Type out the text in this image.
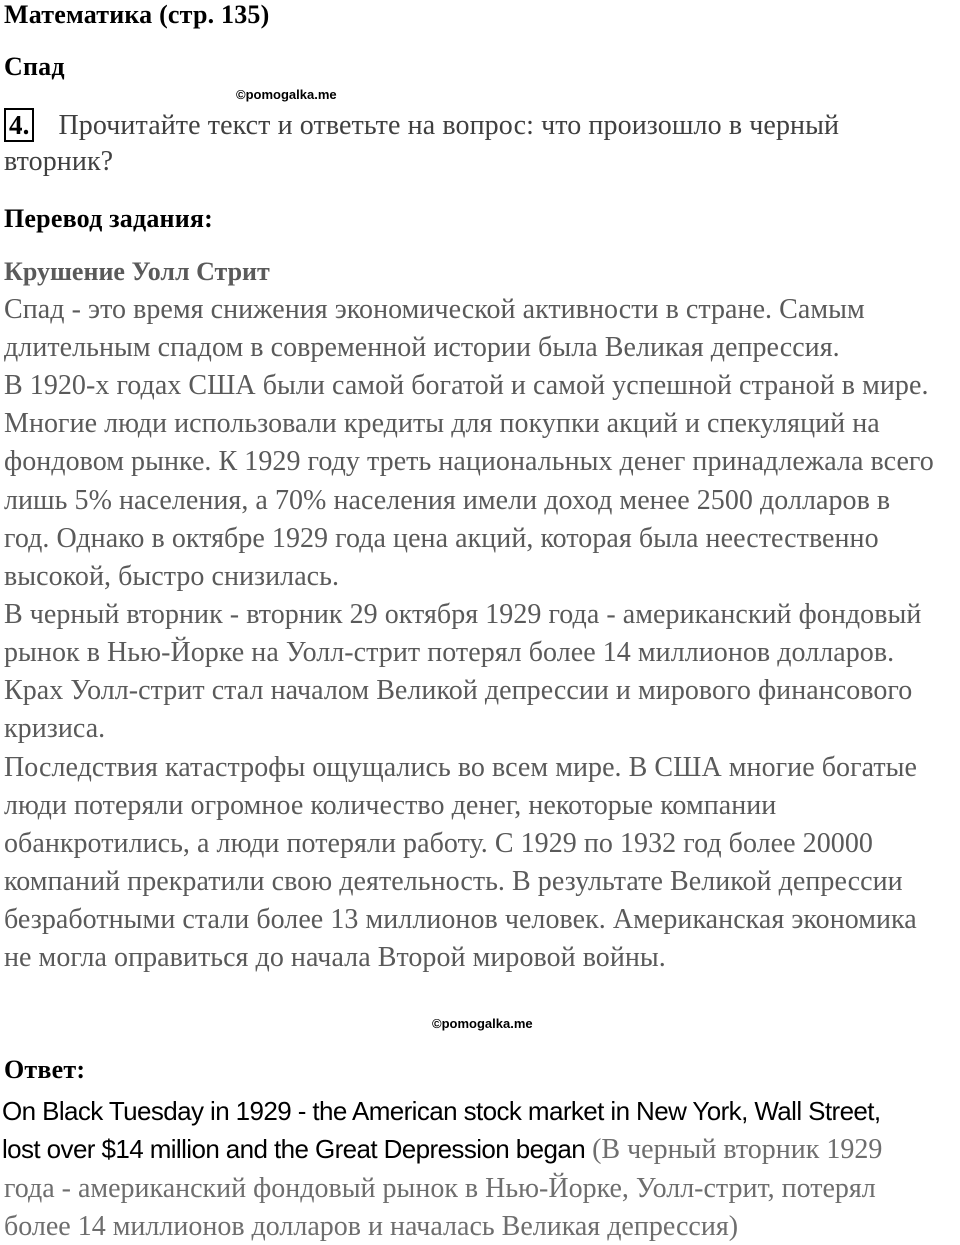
Математика (стр. 135)
Спад
©pomogalka.me
4. Прочитайте текст и ответьте на вопрос: что произошло в черный
вторник?
Перевод задания:
Крушение Уолл Стрит
Спад - это время снижения экономической активности в стране. Самым
длительным спадом в современной истории была Великая депрессия.
В 1920-х годах США были самой богатой и самой успешной страной в мире.
Многие люди использовали кредиты для покупки акций и спекуляций на
фондовом рынке. К 1929 году треть национальных денег принадлежала всего
лишь 5% населения, а 70% населения имели доход менее 2500 долларов в
год. Однако в октябре 1929 года цена акций, которая была неестественно
высокой, быстро снизилась.
В черный вторник - вторник 29 октября 1929 года - американский фондовый
рынок в Нью-Йорке на Уолл-стрит потерял более 14 миллионов долларов.
Крах Уолл-стрит стал началом Великой депрессии и мирового финансового
кризиса.
Последствия катастрофы ощущались во всем мире. В США многие богатые
люди потеряли огромное количество денег, некоторые компании
обанкротились, а люди потеряли работу. С 1929 по 1932 год более 20000
компаний прекратили свою деятельность. В результате Великой депрессии
безработными стали более 13 миллионов человек. Американская экономика
не могла оправиться до начала Второй мировой войны.
©pomogalka.me
Ответ:
On Black Tuesday in 1929 - the American stock market in New York, Wall Street,
lost over $14 million and the Great Depression began (В черный вторник 1929
года - американский фондовый рынок в Нью-Йорке, Уолл-стрит, потерял
более 14 миллионов долларов и началась Великая депрессия)
